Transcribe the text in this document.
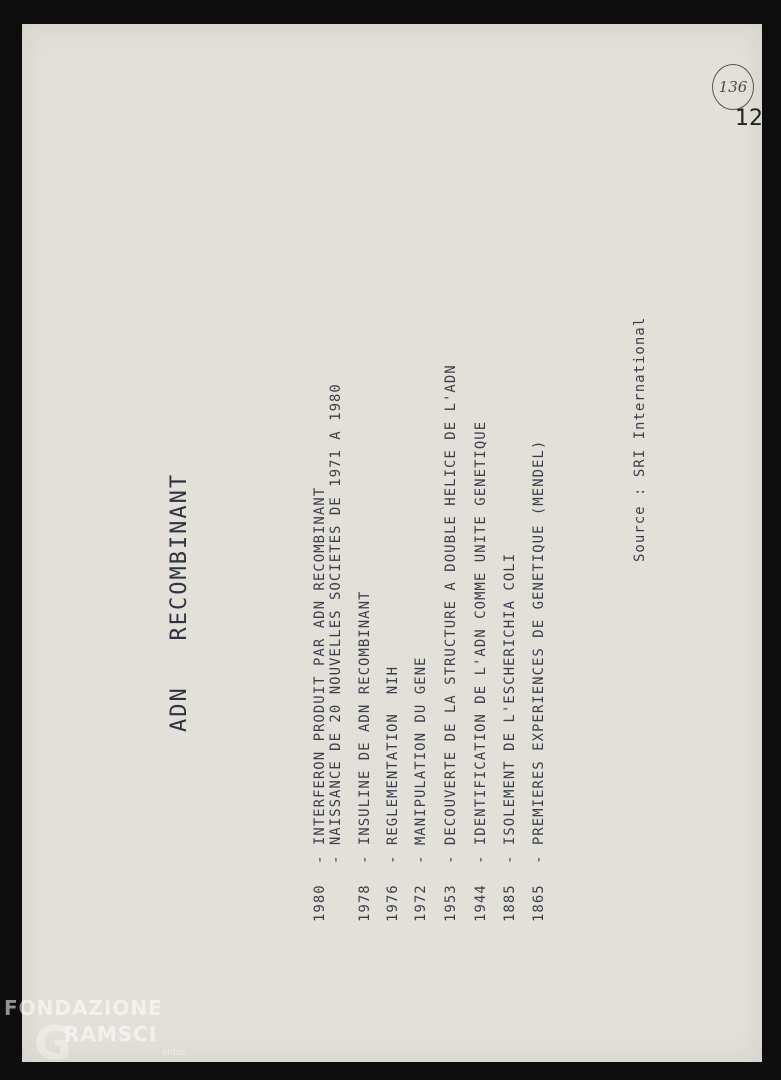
ADN   RECOMBINANT
1980
- INTERFERON PRODUIT PAR ADN RECOMBINANT - NAISSANCE DE 20 NOUVELLES SOCIETES DE 1971 A 1980
1978
- INSULINE DE ADN RECOMBINANT
1976
- REGLEMENTATION  NIH
1972
- MANIPULATION DU GENE
1953
- DECOUVERTE DE LA STRUCTURE A DOUBLE HELICE DE L'ADN
1944
- IDENTIFICATION DE L'ADN COMME UNITE GENETIQUE
1885
- ISOLEMENT DE L'ESCHERICHIA COLI
1865
- PREMIERES EXPERIENCES DE GENETIQUE (MENDEL)
Source : SRI International
136
12
FONDAZIONE
G
RAMSCI
onlus
